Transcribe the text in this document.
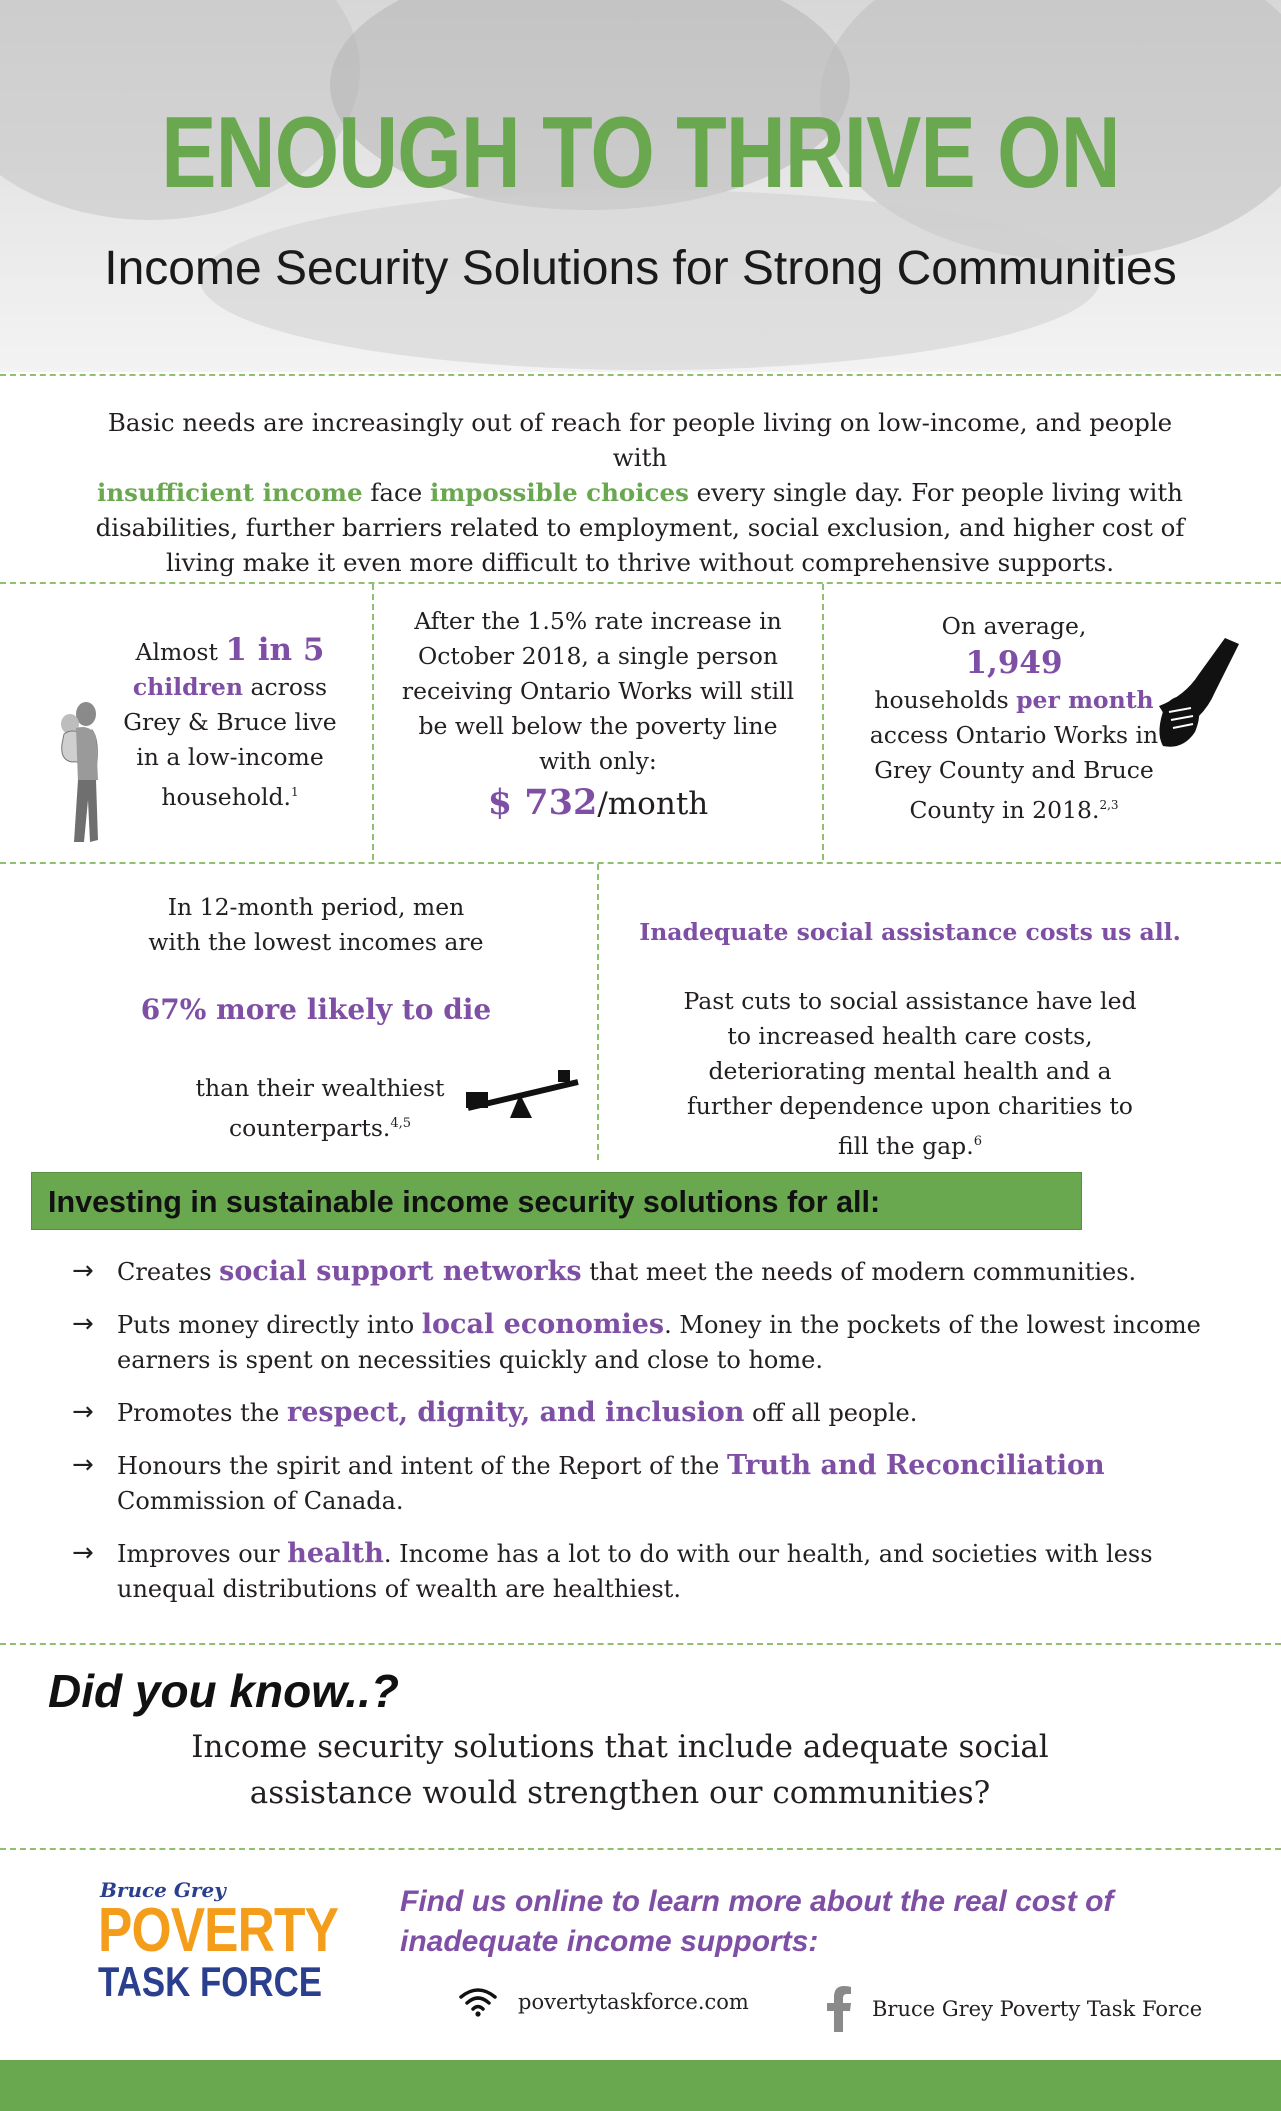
ENOUGH TO THRIVE ON
Income Security Solutions for Strong Communities
Basic needs are increasingly out of reach for people living on low-income, and people with
insufficient income face impossible choices every single day. For people living with disabilities, further barriers related to employment, social exclusion, and higher cost of living make it even more difficult to thrive without comprehensive supports.
Almost 1 in 5
children across Grey & Bruce live in a low-income household.$^1$
After the 1.5% rate increase in October 2018, a single person receiving Ontario Works will still be well below the poverty line with only:
$ 732/month
On average,
1,949
households per month access Ontario Works in Grey County and Bruce County in 2018.$^{2,3}$
In 12-month period, men with the lowest incomes are
67% more likely to die
than their wealthiest counterparts.$^{4,5}$
Inadequate social assistance costs us all.
Past cuts to social assistance have led to increased health care costs, deteriorating mental health and a further dependence upon charities to fill the gap.$^6$
Investing in sustainable income security solutions for all:
→ Creates social support networks that meet the needs of modern communities.
→ Puts money directly into local economies. Money in the pockets of the lowest income earners is spent on necessities quickly and close to home.
→ Promotes the respect, dignity, and inclusion off all people.
→ Honours the spirit and intent of the Report of the Truth and Reconciliation Commission of Canada.
→ Improves our health. Income has a lot to do with our health, and societies with less unequal distributions of wealth are healthiest.
Did you know..?
Income security solutions that include adequate social assistance would strengthen our communities?
Bruce Grey
POVERTY
TASK FORCE
Find us online to learn more about the real cost of inadequate income supports:
povertytaskforce.com	Bruce Grey Poverty Task Force
